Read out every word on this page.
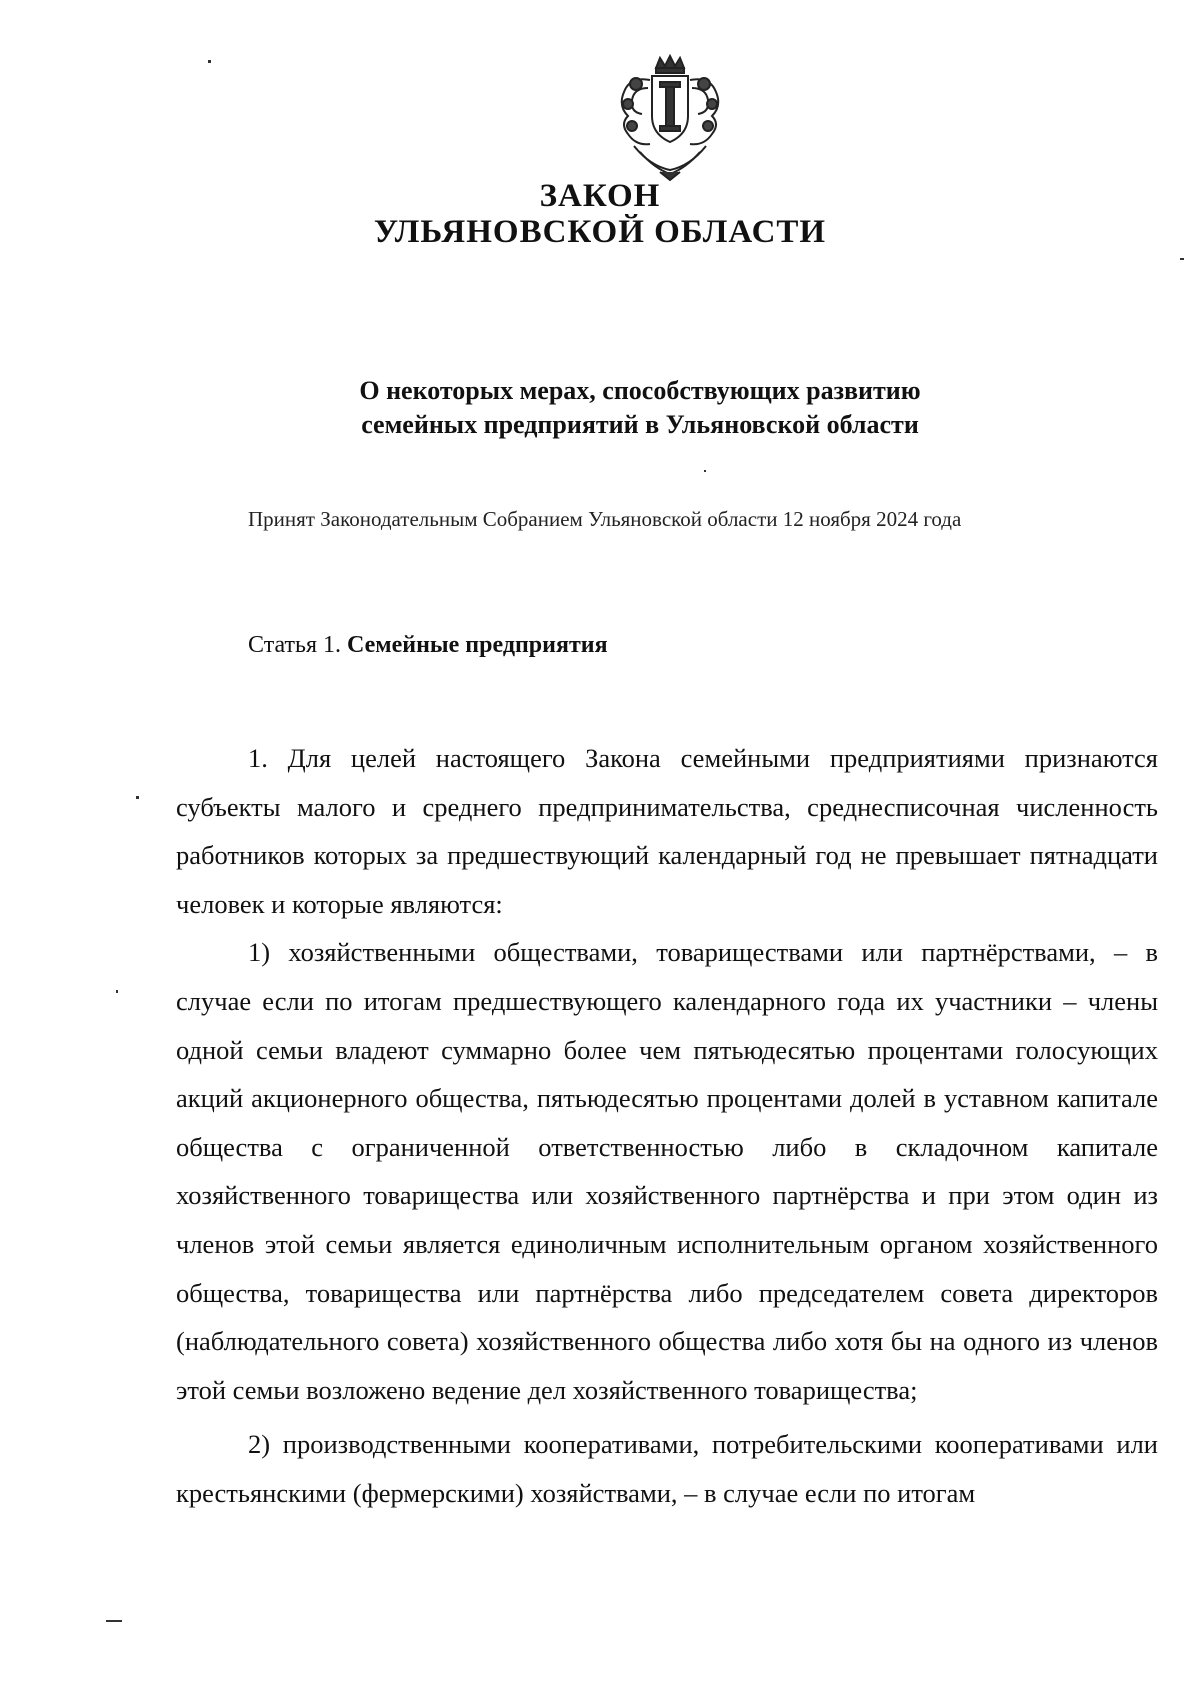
ЗАКОН
УЛЬЯНОВСКОЙ ОБЛАСТИ
О некоторых мерах, способствующих развитию
семейных предприятий в Ульяновской области
Принят Законодательным Собранием Ульяновской области 12 ноября 2024 года
Статья 1. Семейные предприятия

1. Для целей настоящего Закона семейными предприятиями признаются субъекты малого и среднего предпринимательства, среднесписочная численность работников которых за предшествующий календарный год не превышает пятнадцати человек и которые являются:

1) хозяйственными обществами, товариществами или партнёрствами, – в случае если по итогам предшествующего календарного года их участники – члены одной семьи владеют суммарно более чем пятьюдесятью процентами голосующих акций акционерного общества, пятьюдесятью процентами долей в уставном капитале общества с ограниченной ответственностью либо в складочном капитале хозяйственного товарищества или хозяйственного партнёрства и при этом один из членов этой семьи является единоличным исполнительным органом хозяйственного общества, товарищества или партнёрства либо председателем совета директоров (наблюдательного совета) хозяйственного общества либо хотя бы на одного из членов этой семьи возложено ведение дел хозяйственного товарищества;

2) производственными кооперативами, потребительскими кооперативами или крестьянскими (фермерскими) хозяйствами, – в случае если по итогам
